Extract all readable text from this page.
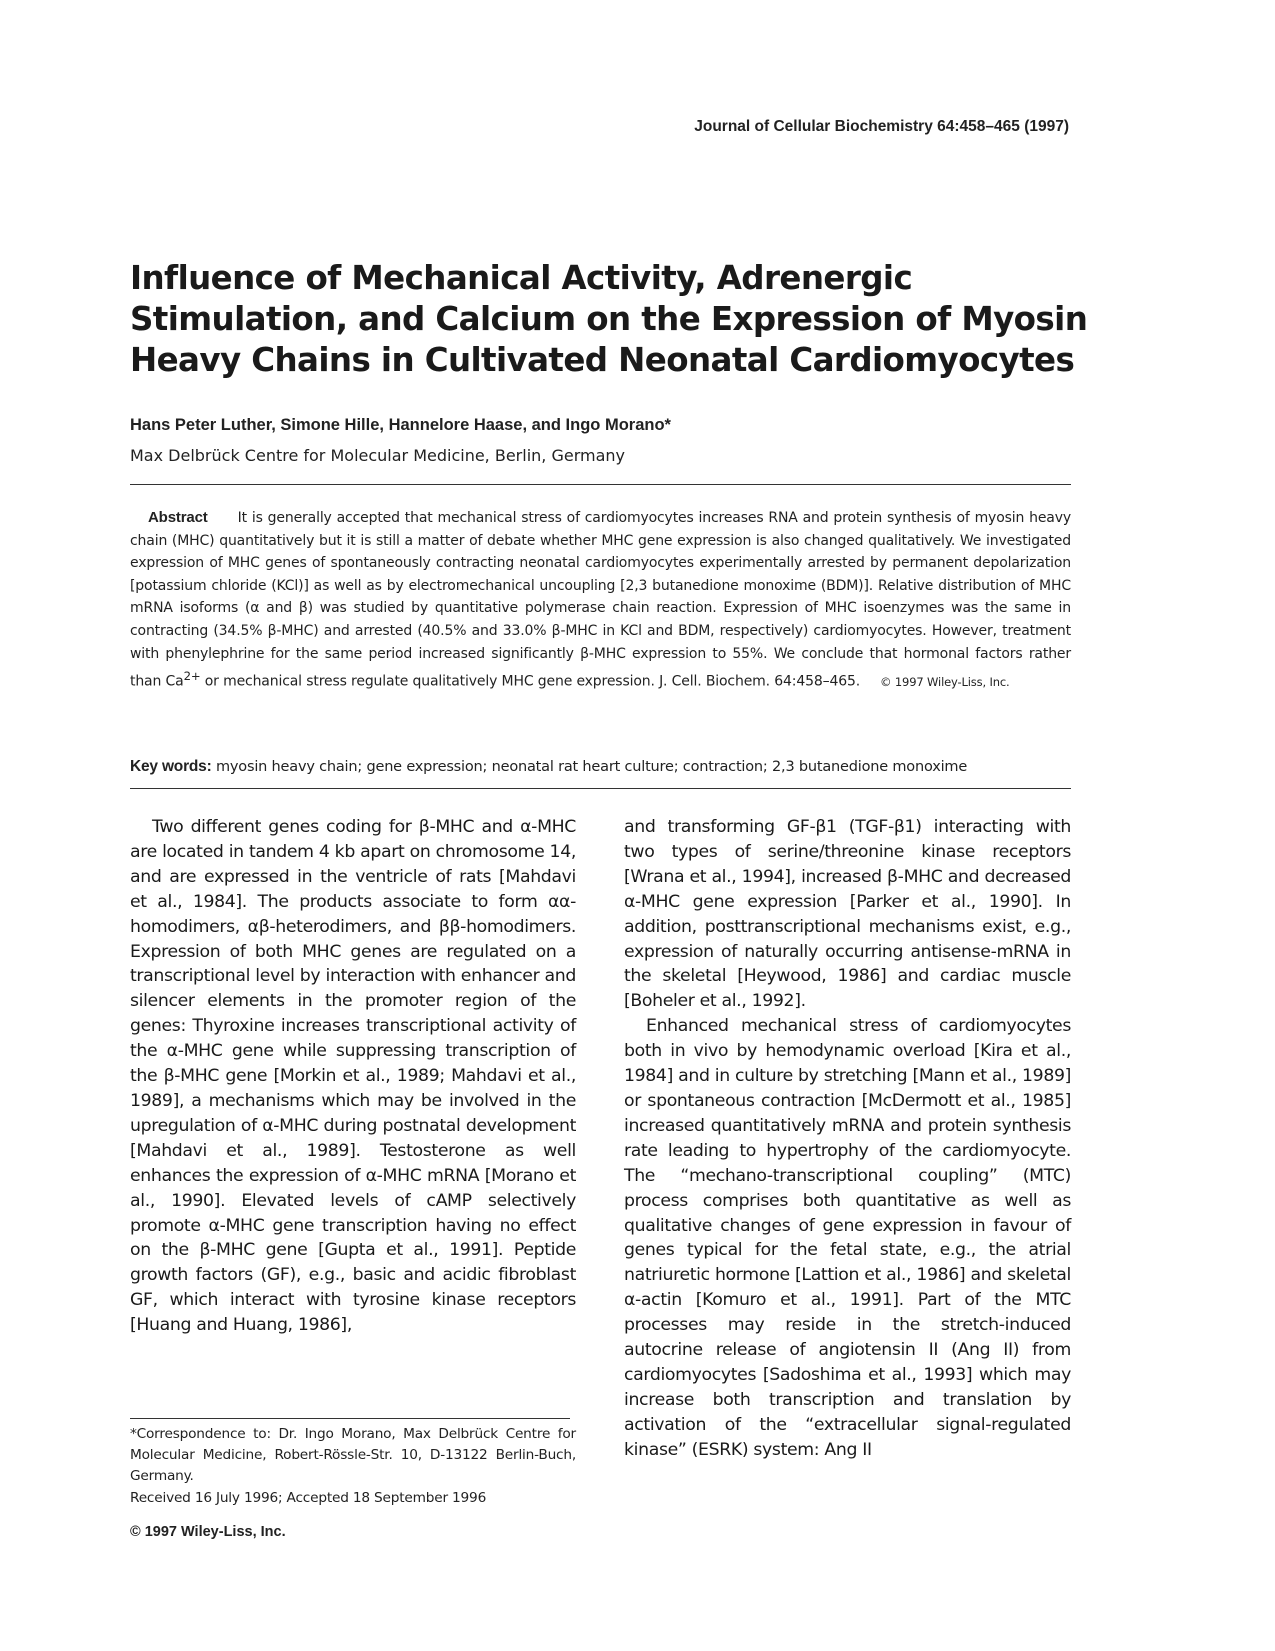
Journal of Cellular Biochemistry 64:458–465 (1997)
Influence of Mechanical Activity, Adrenergic
Stimulation, and Calcium on the Expression of Myosin
Heavy Chains in Cultivated Neonatal Cardiomyocytes
Hans Peter Luther, Simone Hille, Hannelore Haase, and Ingo Morano*
Max Delbrück Centre for Molecular Medicine, Berlin, Germany
Abstract It is generally accepted that mechanical stress of cardiomyocytes increases RNA and protein synthesis of myosin heavy chain (MHC) quantitatively but it is still a matter of debate whether MHC gene expression is also changed qualitatively. We investigated expression of MHC genes of spontaneously contracting neonatal cardiomyocytes experimentally arrested by permanent depolarization [potassium chloride (KCl)] as well as by electromechanical uncoupling [2,3 butanedione monoxime (BDM)]. Relative distribution of MHC mRNA isoforms (α and β) was studied by quantitative polymerase chain reaction. Expression of MHC isoenzymes was the same in contracting (34.5% β-MHC) and arrested (40.5% and 33.0% β-MHC in KCl and BDM, respectively) cardiomyocytes. However, treatment with phenylephrine for the same period increased significantly β-MHC expression to 55%. We conclude that hormonal factors rather than $Ca^{2+}$ or mechanical stress regulate qualitatively MHC gene expression. J. Cell. Biochem. 64:458–465. © 1997 Wiley-Liss, Inc.
Key words: myosin heavy chain; gene expression; neonatal rat heart culture; contraction; 2,3 butanedione monoxime

Two different genes coding for β-MHC and α-MHC are located in tandem 4 kb apart on chromosome 14, and are expressed in the ventricle of rats [Mahdavi et al., 1984]. The products associate to form αα-homodimers, αβ-heterodimers, and ββ-homodimers. Expression of both MHC genes are regulated on a transcriptional level by interaction with enhancer and silencer elements in the promoter region of the genes: Thyroxine increases transcriptional activity of the α-MHC gene while suppressing transcription of the β-MHC gene [Morkin et al., 1989; Mahdavi et al., 1989], a mechanisms which may be involved in the upregulation of α-MHC during postnatal development [Mahdavi et al., 1989]. Testosterone as well enhances the expression of α-MHC mRNA [Morano et al., 1990]. Elevated levels of cAMP selectively promote α-MHC gene transcription having no effect on the β-MHC gene [Gupta et al., 1991]. Peptide growth factors (GF), e.g., basic and acidic fibroblast GF, which interact with tyrosine kinase receptors [Huang and Huang, 1986],

and transforming GF-β1 (TGF-β1) interacting with two types of serine/threonine kinase receptors [Wrana et al., 1994], increased β-MHC and decreased α-MHC gene expression [Parker et al., 1990]. In addition, posttranscriptional mechanisms exist, e.g., expression of naturally occurring antisense-mRNA in the skeletal [Heywood, 1986] and cardiac muscle [Boheler et al., 1992].

Enhanced mechanical stress of cardiomyocytes both in vivo by hemodynamic overload [Kira et al., 1984] and in culture by stretching [Mann et al., 1989] or spontaneous contraction [McDermott et al., 1985] increased quantitatively mRNA and protein synthesis rate leading to hypertrophy of the cardiomyocyte. The “mechano-transcriptional coupling” (MTC) process comprises both quantitative as well as qualitative changes of gene expression in favour of genes typical for the fetal state, e.g., the atrial natriuretic hormone [Lattion et al., 1986] and skeletal α-actin [Komuro et al., 1991]. Part of the MTC processes may reside in the stretch-induced autocrine release of angiotensin II (Ang II) from cardiomyocytes [Sadoshima et al., 1993] which may increase both transcription and translation by activation of the “extracellular signal-regulated kinase” (ESRK) system: Ang II

*Correspondence to: Dr. Ingo Morano, Max Delbrück Centre for Molecular Medicine, Robert-Rössle-Str. 10, D-13122 Berlin-Buch, Germany.
Received 16 July 1996; Accepted 18 September 1996
© 1997 Wiley-Liss, Inc.
